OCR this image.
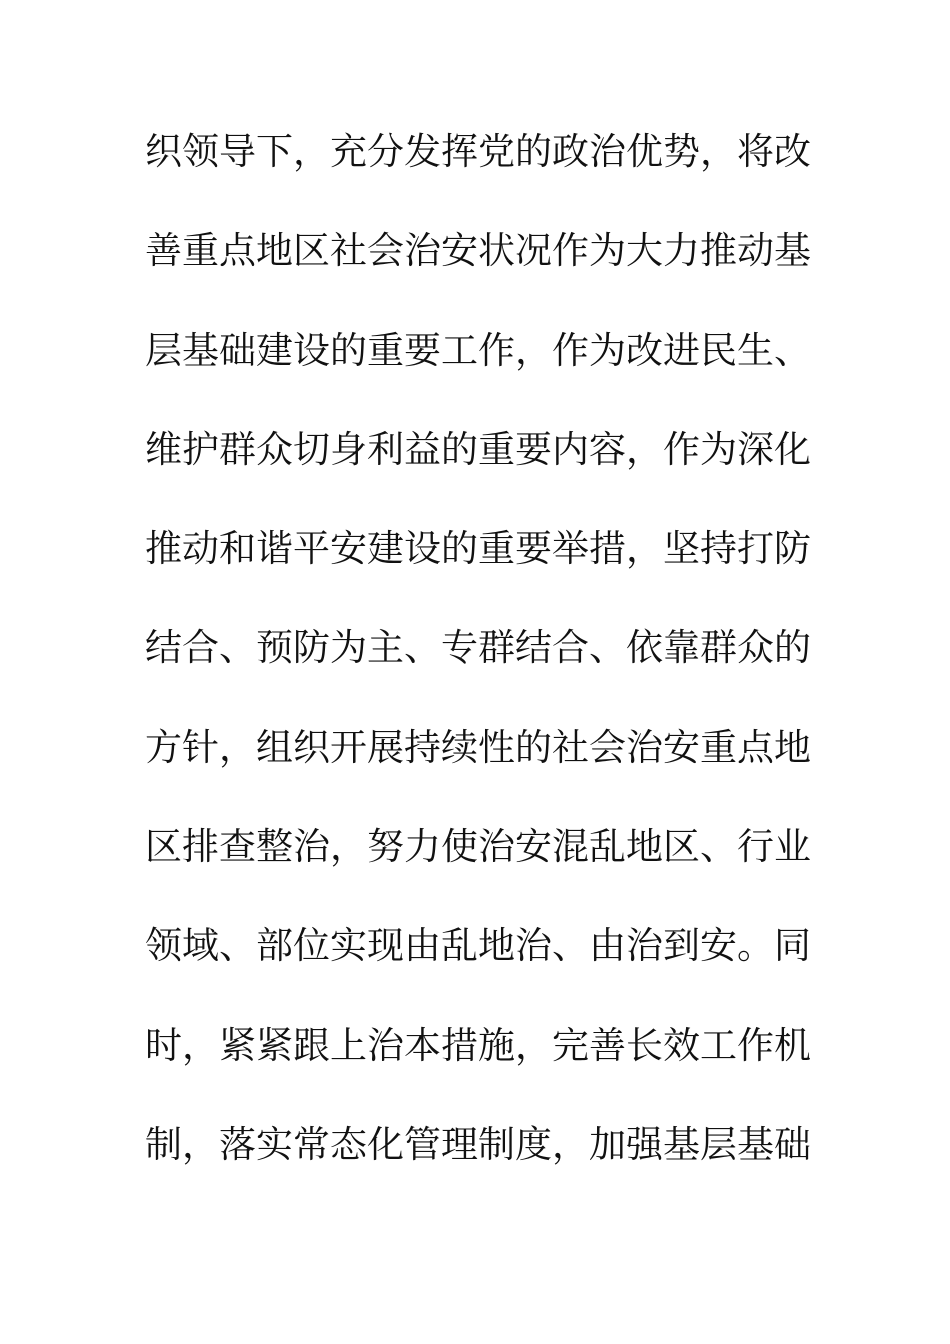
织领导下，充分发挥党的政治优势，将改
善重点地区社会治安状况作为大力推动基
层基础建设的重要工作，作为改进民生、
维护群众切身利益的重要内容，作为深化
推动和谐平安建设的重要举措，坚持打防
结合、预防为主、专群结合、依靠群众的
方针，组织开展持续性的社会治安重点地
区排查整治，努力使治安混乱地区、行业
领域、部位实现由乱地治、由治到安。同
时，紧紧跟上治本措施，完善长效工作机
制，落实常态化管理制度，加强基层基础
